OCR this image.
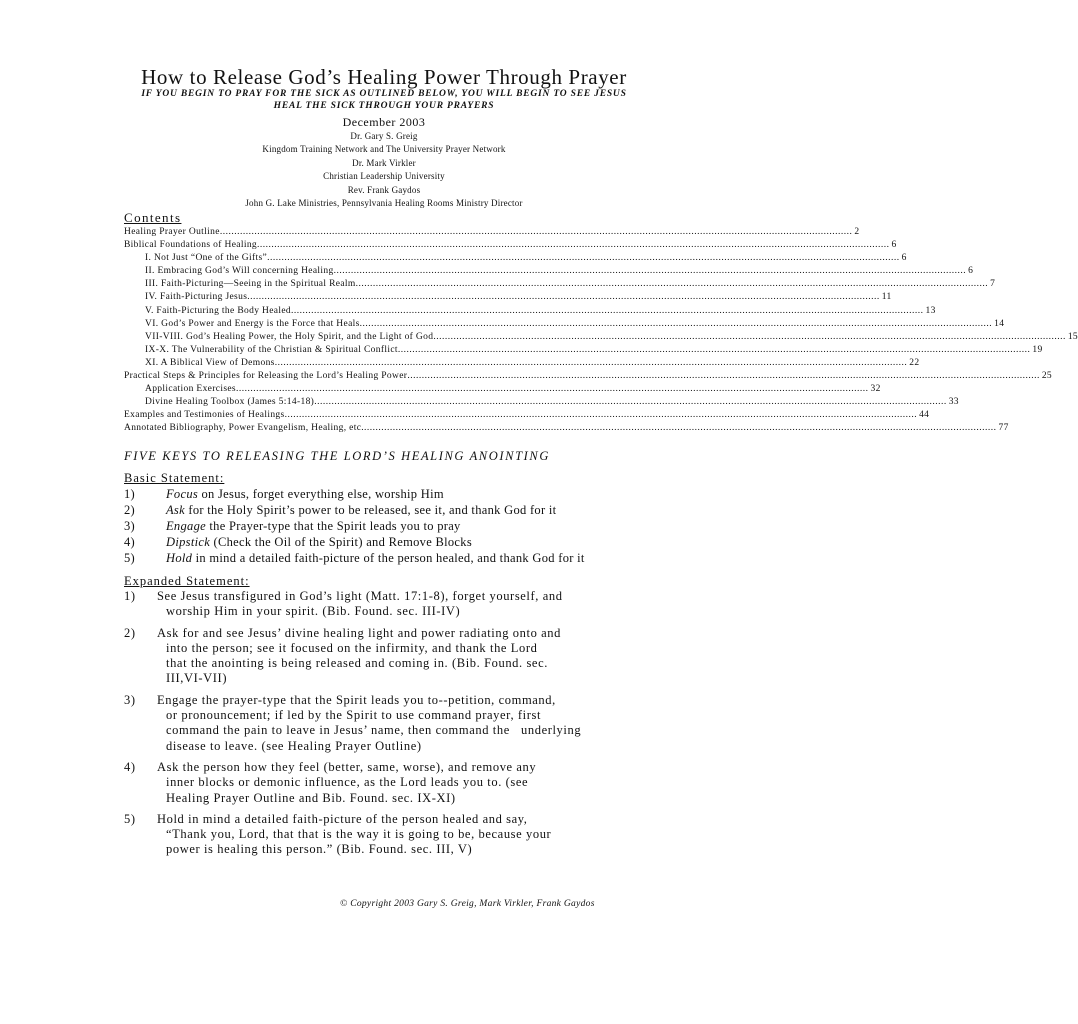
How to Release God’s Healing Power Through Prayer
IF YOU BEGIN TO PRAY FOR THE SICK AS OUTLINED BELOW, YOU WILL BEGIN TO SEE JESUS
HEAL THE SICK THROUGH YOUR PRAYERS
December 2003
Dr. Gary S. Greig
Kingdom Training Network and The University Prayer Network
Dr. Mark Virkler
Christian Leadership University
Rev. Frank Gaydos
John G. Lake Ministries, Pennsylvania Healing Rooms Ministry Director
Contents
Healing Prayer Outline ............................................................................................................................................................................................................................ 2
Biblical Foundations of Healing ............................................................................................................................................................................................................................ 6
I. Not Just “One of the Gifts” ............................................................................................................................................................................................................................ 6
II. Embracing God’s Will concerning Healing ............................................................................................................................................................................................................................ 6
III. Faith-Picturing—Seeing in the Spiritual Realm ............................................................................................................................................................................................................................ 7
IV. Faith-Picturing Jesus ............................................................................................................................................................................................................................ 11
V. Faith-Picturing the Body Healed ............................................................................................................................................................................................................................ 13
VI. God’s Power and Energy is the Force that Heals ............................................................................................................................................................................................................................ 14
VII-VIII. God’s Healing Power, the Holy Spirit, and the Light of God ............................................................................................................................................................................................................................ 15
IX-X. The Vulnerability of the Christian & Spiritual Conflict ............................................................................................................................................................................................................................ 19
XI. A Biblical View of Demons ............................................................................................................................................................................................................................ 22
Practical Steps & Principles for Releasing the Lord’s Healing Power ............................................................................................................................................................................................................................ 25
Application Exercises ............................................................................................................................................................................................................................ 32
Divine Healing Toolbox (James 5:14-18) ............................................................................................................................................................................................................................ 33
Examples and Testimonies of Healings ............................................................................................................................................................................................................................ 44
Annotated Bibliography, Power Evangelism, Healing, etc. ............................................................................................................................................................................................................................ 77
FIVE KEYS TO RELEASING THE LORD’S HEALING ANOINTING
Basic Statement:
1)	Focus on Jesus, forget everything else, worship Him
2)	Ask for the Holy Spirit’s power to be released, see it, and thank God for it
3)	Engage the Prayer-type that the Spirit leads you to pray
4)	Dipstick (Check the Oil of the Spirit) and Remove Blocks
5)	Hold in mind a detailed faith-picture of the person healed, and thank God for it
Expanded Statement:
1) See Jesus transfigured in God’s light (Matt. 17:1-8), forget yourself, and
worship Him in your spirit. (Bib. Found. sec. III-IV)
2) Ask for and see Jesus’ divine healing light and power radiating onto and
into the person; see it focused on the infirmity, and thank the Lord
that the anointing is being released and coming in. (Bib. Found. sec.
III,VI-VII)
3) Engage the prayer-type that the Spirit leads you to--petition, command,
or pronouncement; if led by the Spirit to use command prayer, first
command the pain to leave in Jesus’ name, then command the   underlying
disease to leave. (see Healing Prayer Outline)
4) Ask the person how they feel (better, same, worse), and remove any
inner blocks or demonic influence, as the Lord leads you to. (see
Healing Prayer Outline and Bib. Found. sec. IX-XI)
5) Hold in mind a detailed faith-picture of the person healed and say,
“Thank you, Lord, that that is the way it is going to be, because your
power is healing this person.” (Bib. Found. sec. III, V)
© Copyright 2003 Gary S. Greig, Mark Virkler, Frank Gaydos
